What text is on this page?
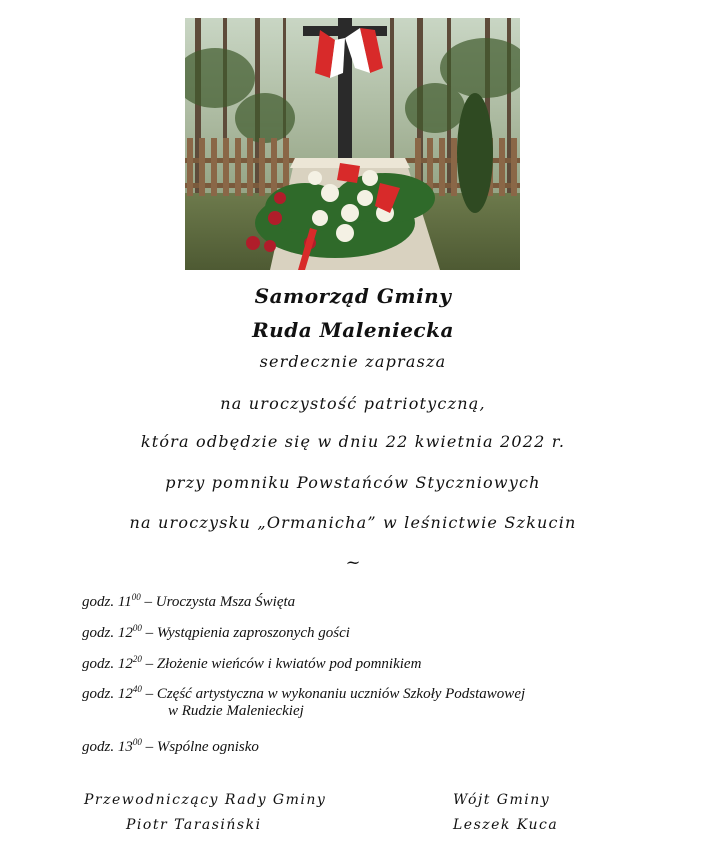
Samorząd Gminy
Ruda Maleniecka
serdecznie zaprasza
na uroczystość patriotyczną,
która odbędzie się w dniu 22 kwietnia 2022 r.
przy pomniku Powstańców Styczniowych
na uroczysku „Ormanicha” w leśnictwie Szkucin
~
godz. $11^{00}$ – Uroczysta Msza Święta
godz. $12^{00}$ – Wystąpienia zaproszonych gości
godz. $12^{20}$ – Złożenie wieńców i kwiatów pod pomnikiem
godz. $12^{40}$ – Część artystyczna w wykonaniu uczniów Szkoły Podstawowej
w Rudzie Malenieckiej
godz. $13^{00}$ – Wspólne ognisko
Przewodniczący Rady Gminy
Piotr Tarasiński
Wójt Gminy
Leszek Kuca
